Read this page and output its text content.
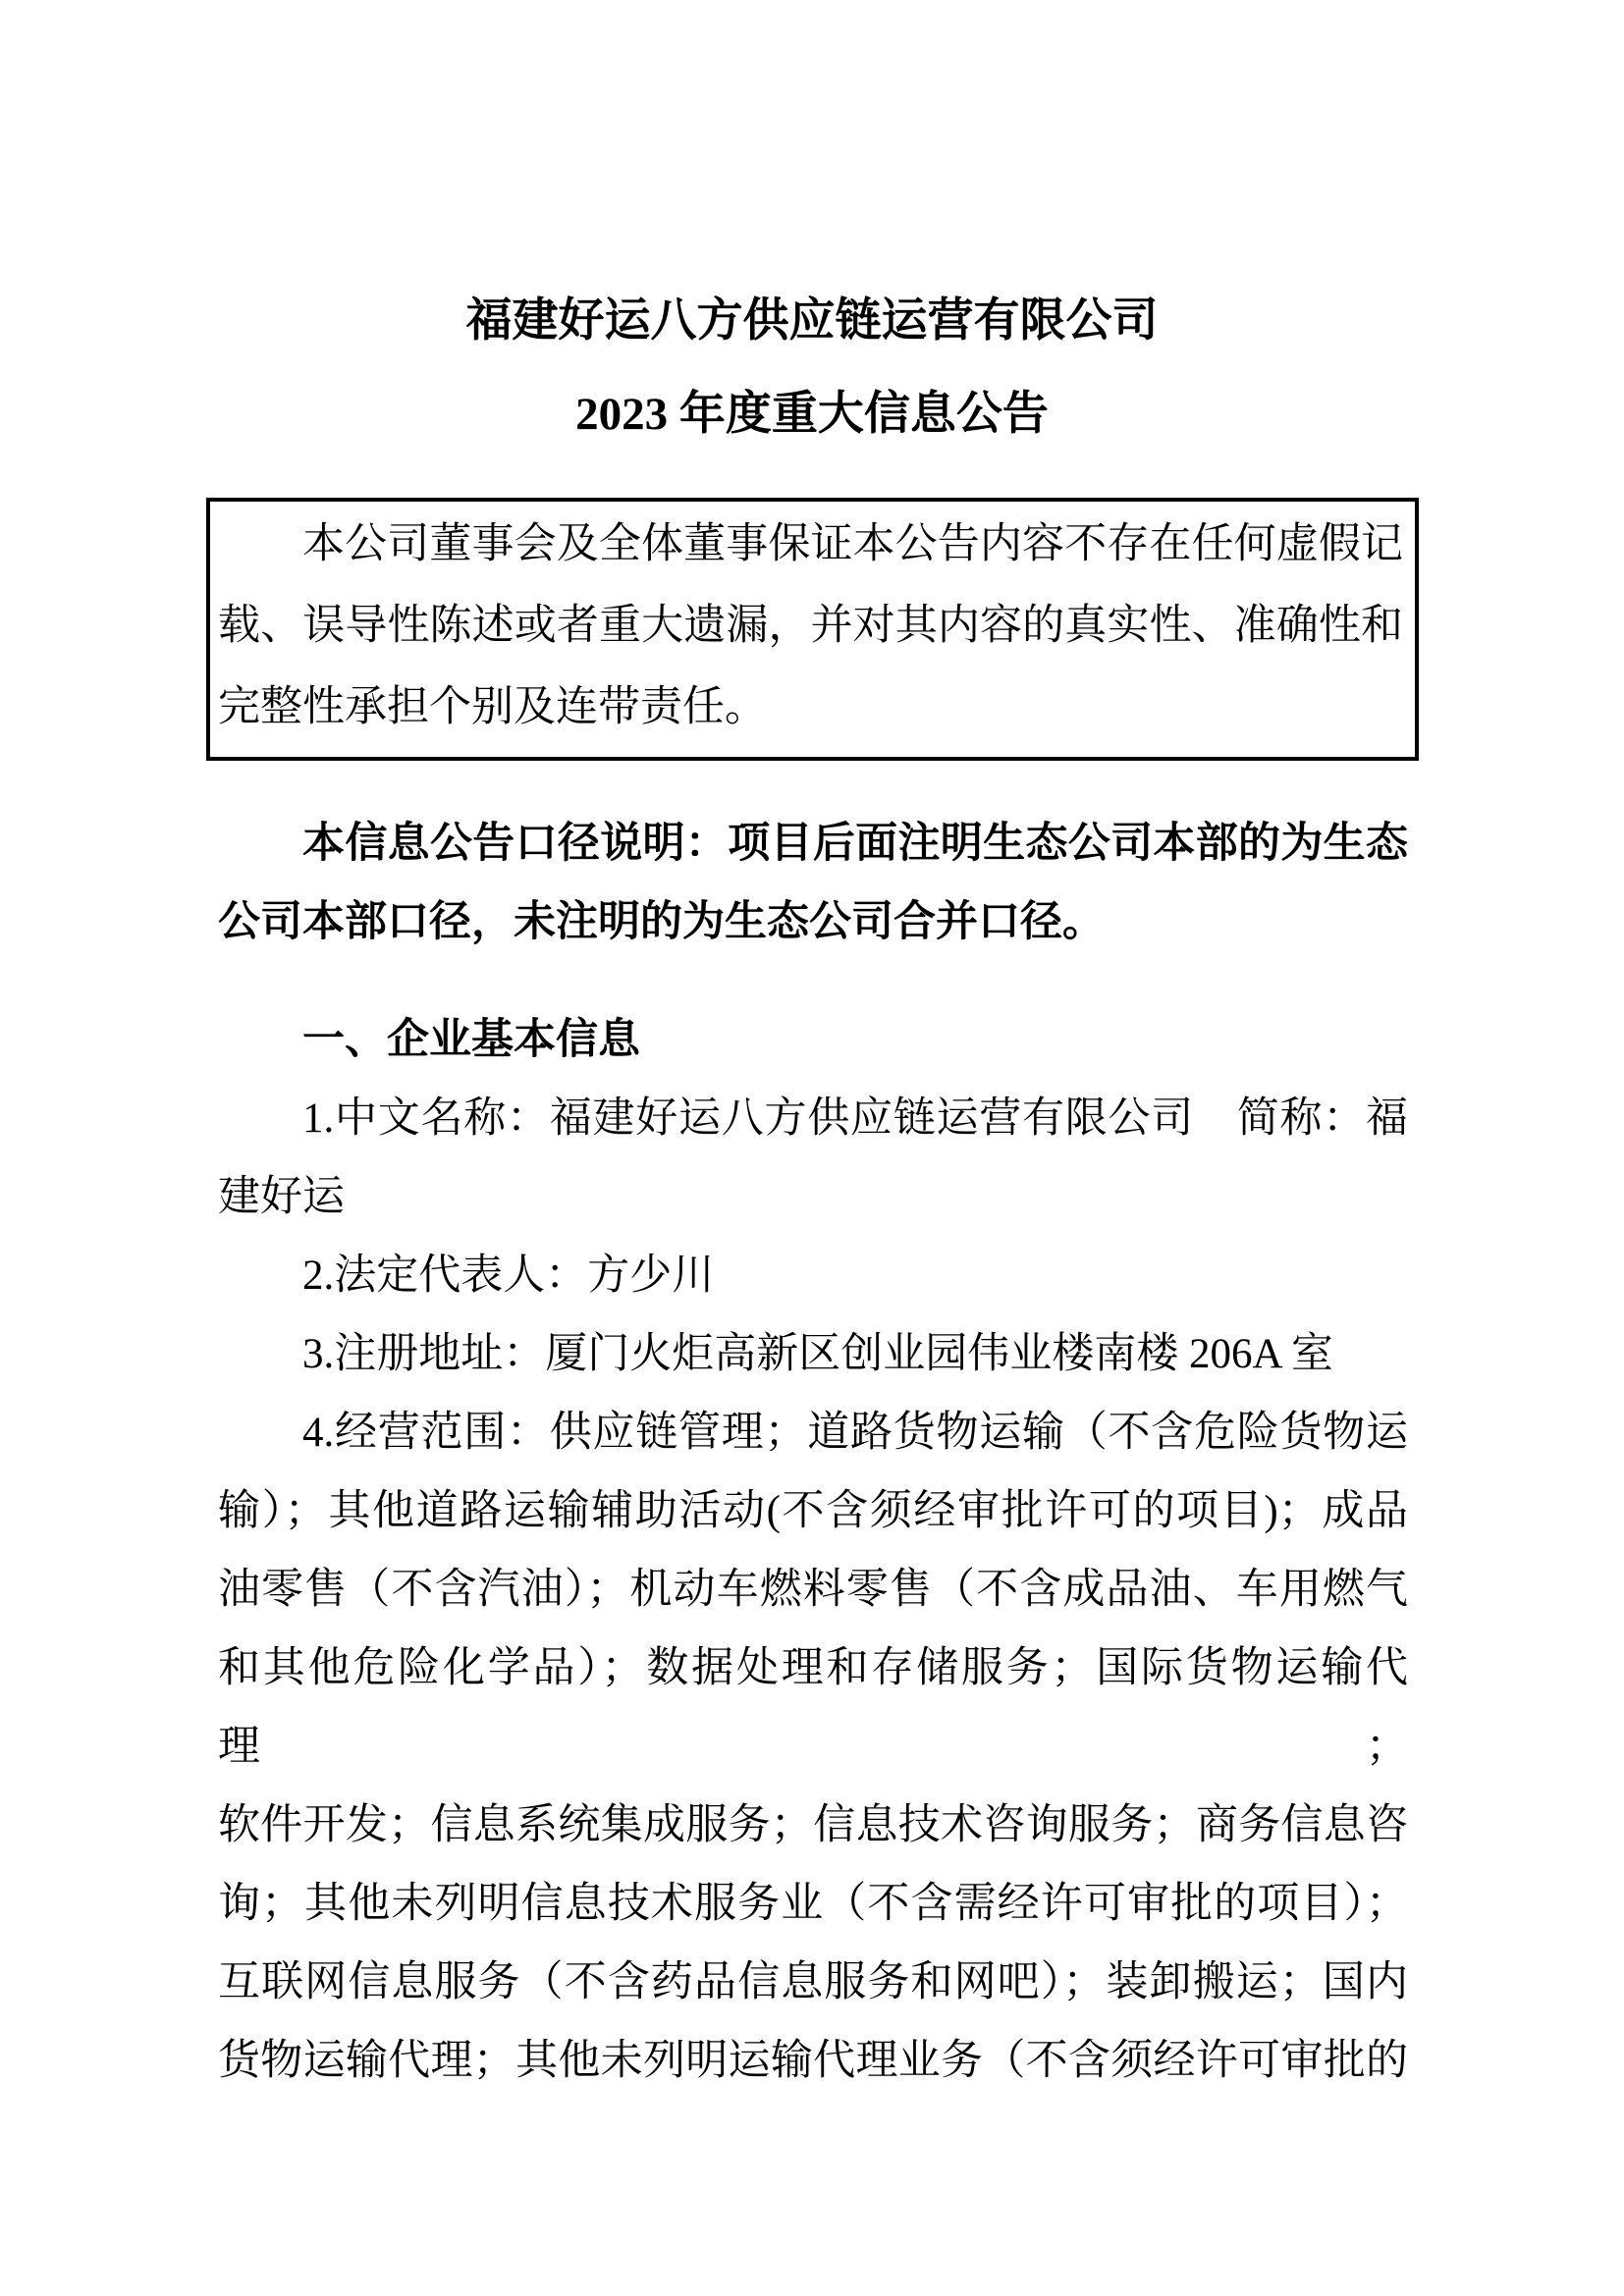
福建好运八方供应链运营有限公司
2023 年度重大信息公告
本公司董事会及全体董事保证本公告内容不存在任何虚假记
载、误导性陈述或者重大遗漏，并对其内容的真实性、准确性和
完整性承担个别及连带责任。
本信息公告口径说明：项目后面注明生态公司本部的为生态
公司本部口径，未注明的为生态公司合并口径。
一、企业基本信息
1.中文名称：福建好运八方供应链运营有限公司　简称：福
建好运
2.法定代表人：方少川
3.注册地址：厦门火炬高新区创业园伟业楼南楼 206A 室
4.经营范围：供应链管理；道路货物运输（不含危险货物运
输）；其他道路运输辅助活动(不含须经审批许可的项目)；成品
油零售（不含汽油）；机动车燃料零售（不含成品油、车用燃气
和其他危险化学品）；数据处理和存储服务；国际货物运输代理；
软件开发；信息系统集成服务；信息技术咨询服务；商务信息咨
询；其他未列明信息技术服务业（不含需经许可审批的项目）；
互联网信息服务（不含药品信息服务和网吧）；装卸搬运；国内
货物运输代理；其他未列明运输代理业务（不含须经许可审批的
